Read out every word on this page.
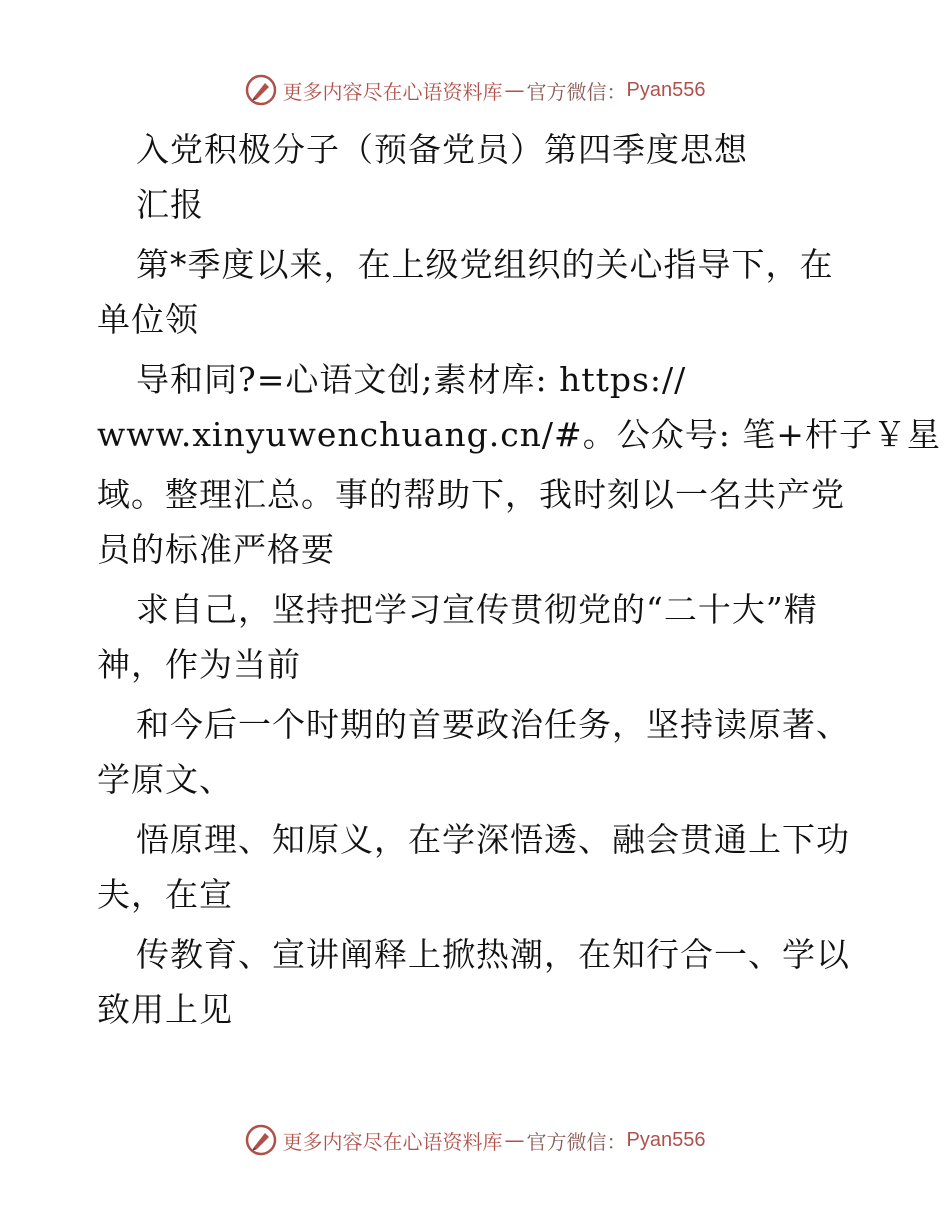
更多内容尽在心语资料库 — 官方微信： Pyan556
入党积极分子（预备党员）第四季度思想
汇报
第*季度以来，在上级党组织的关心指导下，在
单位领
导和同?=心语文创;素材库: https://
www.xinyuwenchuang.cn/#。公众号: 笔+杆子￥星
域。整理汇总。事的帮助下，我时刻以一名共产党
员的标准严格要
求自己，坚持把学习宣传贯彻党的“二十大”精
神，作为当前
和今后一个时期的首要政治任务，坚持读原著、
学原文、
悟原理、知原义，在学深悟透、融会贯通上下功
夫，在宣
传教育、宣讲阐释上掀热潮，在知行合一、学以
致用上见
更多内容尽在心语资料库 — 官方微信： Pyan556
